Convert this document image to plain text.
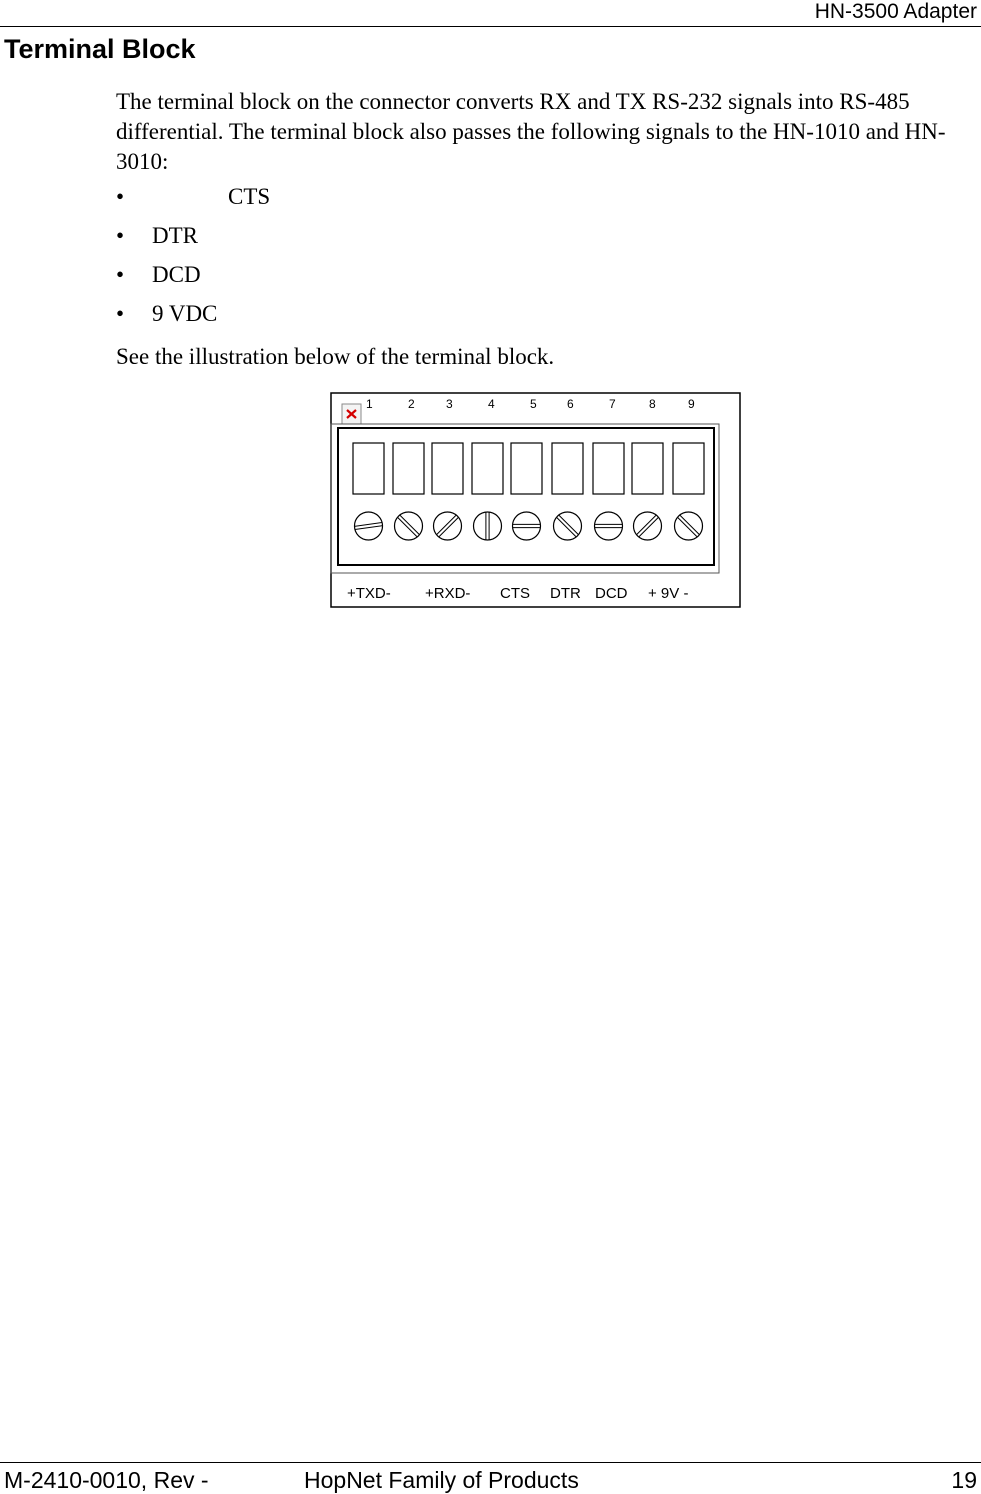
HN-3500 Adapter
Terminal Block

The terminal block on the connector converts RX and TX RS-232 signals into RS-485 differential. The terminal block also passes the following signals to the HN-1010 and HN-3010:

•	CTS
• DTR
• DCD
• 9 VDC
See the illustration below of the terminal block.
1	2	3	4	5	6	7	8	9
+TXD- +RXD- CTS DTR DCD + 9V -
M-2410-0010, Rev -	HopNet Family of Products	19
